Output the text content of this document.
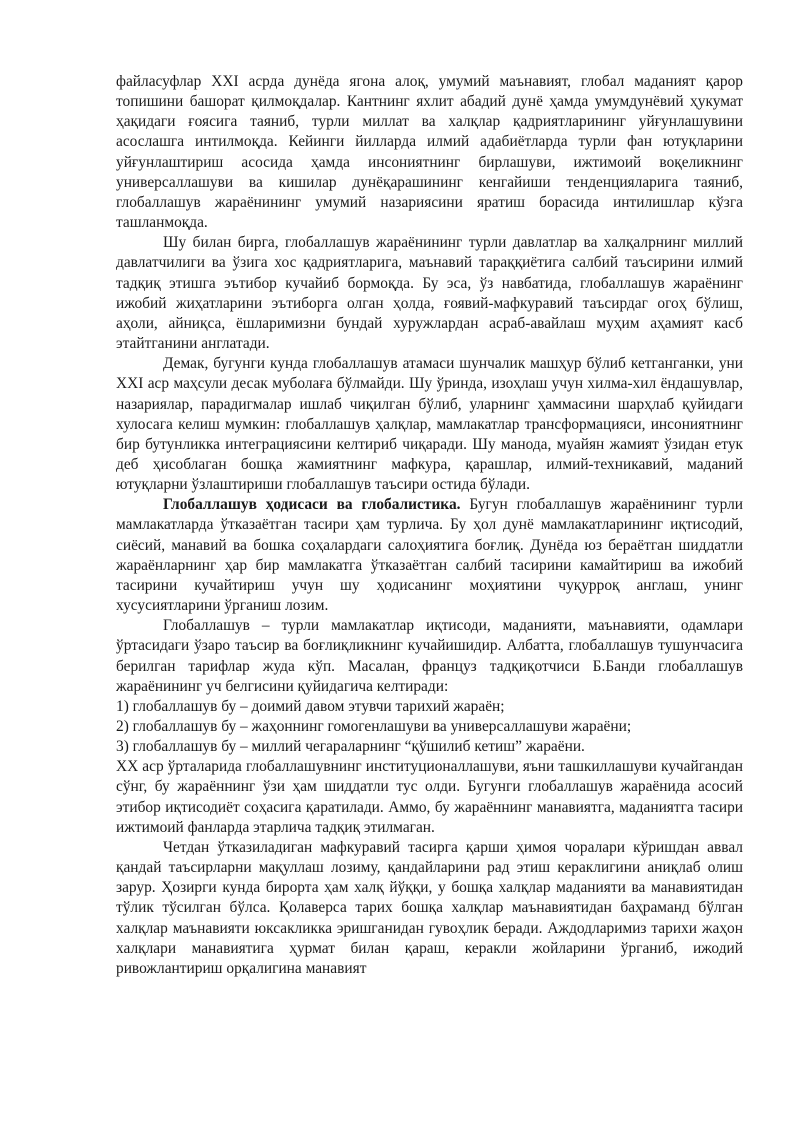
файласуфлар XXI асрда дунёда ягона алоқ, умумий маънавият, глобал маданият қарор топишини башорат қилмоқдалар. Кантнинг яхлит абадий дунё ҳамда умумдунёвий ҳукумат ҳақидаги ғоясига таяниб, турли миллат ва халқлар қадриятларининг уйғунлашувини асослашга интилмоқда. Кейинги йилларда илмий адабиётларда турли фан ютуқларини уйғунлаштириш асосида ҳамда инсониятнинг бирлашуви, ижтимоий воқеликнинг универсаллашуви ва кишилар дунёқарашининг кенгайиши тенденцияларига таяниб, глобаллашув жараёнининг умумий назариясини яратиш борасида интилишлар кўзга ташланмоқда.

Шу билан бирга, глобаллашув жараёнининг турли давлатлар ва халқалрнинг миллий давлатчилиги ва ўзига хос қадриятларига, маънавий тараққиётига салбий таъсирини илмий тадқиқ этишга эътибор кучайиб бормоқда. Бу эса, ўз навбатида, глобаллашув жараёнинг ижобий жиҳатларини эътиборга олган ҳолда, ғоявий-мафкуравий таъсирдаг огоҳ бўлиш, аҳоли, айниқса, ёшларимизни бундай хуружлардан асраб-авайлаш муҳим аҳамият касб этайтганини англатади.

Демак, бугунги кунда глобаллашув атамаси шунчалик машҳур бўлиб кетганганки, уни XXI аср маҳсули десак муболаға бўлмайди. Шу ўринда, изоҳлаш учун хилма-хил ёндашувлар, назариялар, парадигмалар ишлаб чиқилган бўлиб, уларнинг ҳаммасини шарҳлаб қуйидаги хулосага келиш мумкин: глобаллашув ҳалқлар, мамлакатлар трансформацияси, инсониятнинг бир бутунликка интеграциясини келтириб чиқаради. Шу манода, муайян жамият ўзидан етук деб ҳисоблаган бошқа жамиятнинг мафкура, қарашлар, илмий-техникавий, маданий ютуқларни ўзлаштириши глобаллашув таъсири остида бўлади.

Глобаллашув ҳодисаси ва глобалистика. Бугун глобаллашув жараёнининг турли мамлакатларда ўтказаётган тасири ҳам турлича. Бу ҳол дунё мамлакатларининг иқтисодий, сиёсий, манавий ва бошка соҳалардаги салоҳиятига боғлиқ. Дунёда юз бераётган шиддатли жараёнларнинг ҳар бир мамлакатга ўтказаётган салбий тасирини камайтириш ва ижобий тасирини кучайтириш учун шу ҳодисанинг моҳиятини чуқурроқ англаш, унинг хусусиятларини ўрганиш лозим.

Глобаллашув – турли мамлакатлар иқтисоди, маданияти, маънавияти, одамлари ўртасидаги ўзаро таъсир ва боғлиқликнинг кучайишидир. Албатта, глобаллашув тушунчасига берилган тарифлар жуда кўп. Масалан, француз тадқиқотчиси Б.Банди глобаллашув жараёнининг уч белгисини қуйидагича келтиради:

1) глобаллашув бу – доимий давом этувчи тарихий жараён;

2) глобаллашув бу – жаҳоннинг гомогенлашуви ва универсаллашуви жараёни;

3) глобаллашув бу – миллий чегараларнинг “қўшилиб кетиш” жараёни.

XX аср ўрталарида глобаллашувнинг институционаллашуви, яъни ташкиллашуви кучайгандан сўнг, бу жараённинг ўзи ҳам шиддатли тус олди. Бугунги глобаллашув жараёнида асосий этибор иқтисодиёт соҳасига қаратилади. Аммо, бу жараённинг манавиятга, маданиятга тасири ижтимоий фанларда этарлича тадқиқ этилмаган.

Четдан ўтказиладиган мафкуравий тасирга қарши ҳимоя чоралари кўришдан аввал қандай таъсирларни мақуллаш лозиму, қандайларини рад этиш кераклигини аниқлаб олиш зарур. Ҳозирги кунда бирорта ҳам халқ йўққи, у бошқа халқлар маданияти ва манавиятидан тўлик тўсилган бўлса. Қолаверса тарих бошқа халқлар маънавиятидан баҳраманд бўлган халқлар маънавияти юксакликка эришганидан гувоҳлик беради. Аждодларимиз тарихи жаҳон халқлари манавиятига ҳурмат билан қараш, керакли жойларини ўрганиб, ижодий ривожлантириш орқалигина манавият
